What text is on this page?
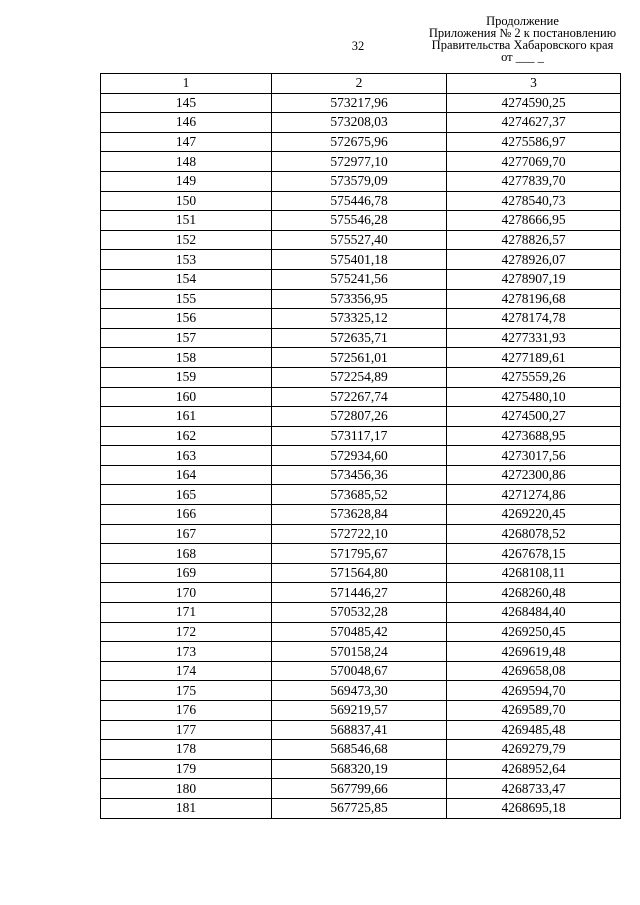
32
Продолжение
Приложения № 2 к постановлению
Правительства Хабаровского края
от ___ _
1	2	3
145	573217,96	4274590,25
146	573208,03	4274627,37
147	572675,96	4275586,97
148	572977,10	4277069,70
149	573579,09	4277839,70
150	575446,78	4278540,73
151	575546,28	4278666,95
152	575527,40	4278826,57
153	575401,18	4278926,07
154	575241,56	4278907,19
155	573356,95	4278196,68
156	573325,12	4278174,78
157	572635,71	4277331,93
158	572561,01	4277189,61
159	572254,89	4275559,26
160	572267,74	4275480,10
161	572807,26	4274500,27
162	573117,17	4273688,95
163	572934,60	4273017,56
164	573456,36	4272300,86
165	573685,52	4271274,86
166	573628,84	4269220,45
167	572722,10	4268078,52
168	571795,67	4267678,15
169	571564,80	4268108,11
170	571446,27	4268260,48
171	570532,28	4268484,40
172	570485,42	4269250,45
173	570158,24	4269619,48
174	570048,67	4269658,08
175	569473,30	4269594,70
176	569219,57	4269589,70
177	568837,41	4269485,48
178	568546,68	4269279,79
179	568320,19	4268952,64
180	567799,66	4268733,47
181	567725,85	4268695,18
